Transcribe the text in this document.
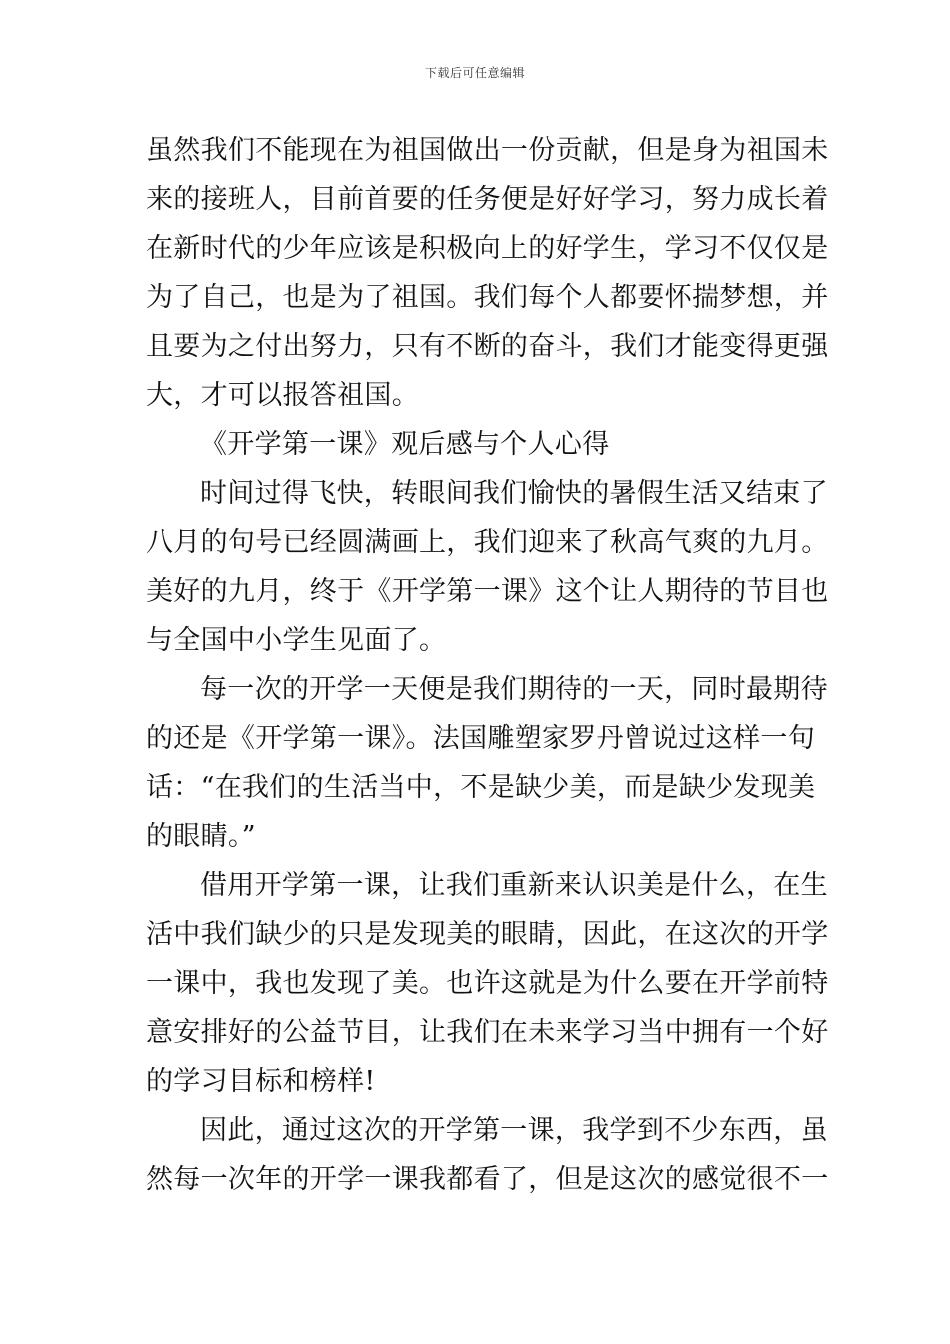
下载后可任意编辑
虽然我们不能现在为祖国做出一份贡献，但是身为祖国未
来的接班人，目前首要的任务便是好好学习，努力成长着
在新时代的少年应该是积极向上的好学生，学习不仅仅是
为了自己，也是为了祖国。我们每个人都要怀揣梦想，并
且要为之付出努力，只有不断的奋斗，我们才能变得更强
大，才可以报答祖国。
《开学第一课》观后感与个人心得
时间过得飞快，转眼间我们愉快的暑假生活又结束了
八月的句号已经圆满画上，我们迎来了秋高气爽的九月。
美好的九月，终于《开学第一课》这个让人期待的节目也
与全国中小学生见面了。
每一次的开学一天便是我们期待的一天，同时最期待
的还是《开学第一课》。法国雕塑家罗丹曾说过这样一句
话：“在我们的生活当中，不是缺少美，而是缺少发现美
的眼睛。”
借用开学第一课，让我们重新来认识美是什么，在生
活中我们缺少的只是发现美的眼睛，因此，在这次的开学
一课中，我也发现了美。也许这就是为什么要在开学前特
意安排好的公益节目，让我们在未来学习当中拥有一个好
的学习目标和榜样!
因此，通过这次的开学第一课，我学到不少东西，虽
然每一次年的开学一课我都看了，但是这次的感觉很不一
